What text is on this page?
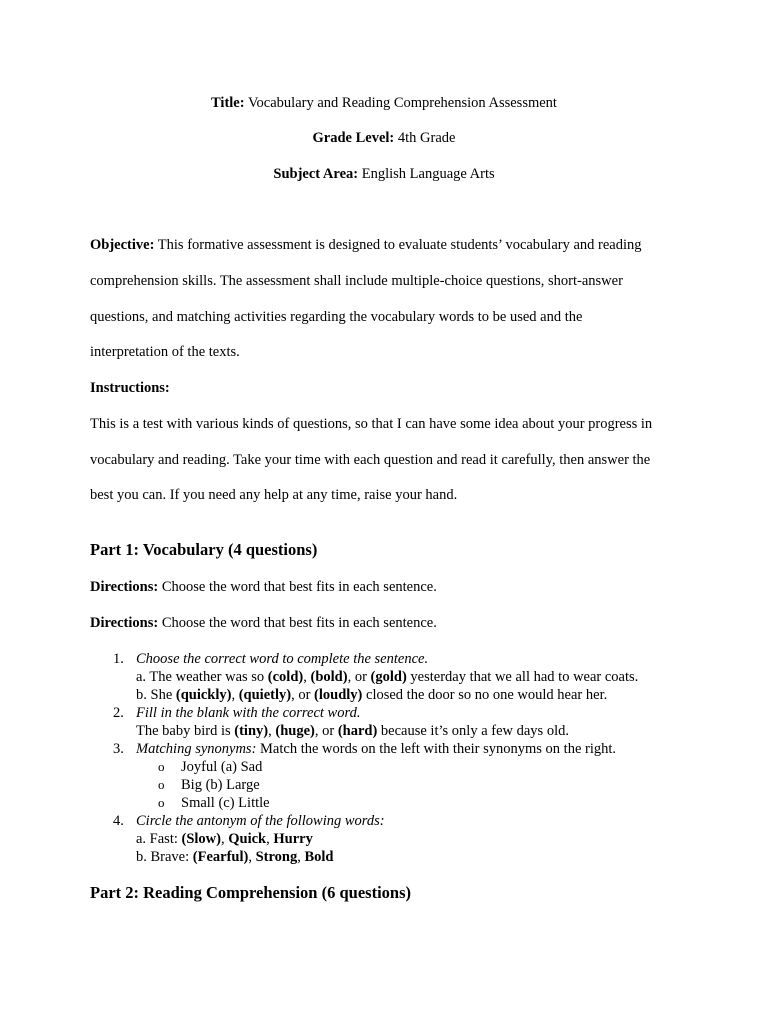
Title: Vocabulary and Reading Comprehension Assessment
Grade Level: 4th Grade
Subject Area: English Language Arts
Objective: This formative assessment is designed to evaluate students’ vocabulary and reading
comprehension skills. The assessment shall include multiple-choice questions, short-answer
questions, and matching activities regarding the vocabulary words to be used and the
interpretation of the texts.
Instructions:
This is a test with various kinds of questions, so that I can have some idea about your progress in
vocabulary and reading. Take your time with each question and read it carefully, then answer the
best you can. If you need any help at any time, raise your hand.
Part 1: Vocabulary (4 questions)
Directions: Choose the word that best fits in each sentence.
Directions: Choose the word that best fits in each sentence.
1. Choose the correct word to complete the sentence.
a. The weather was so (cold), (bold), or (gold) yesterday that we all had to wear coats.
b. She (quickly), (quietly), or (loudly) closed the door so no one would hear her.
2. Fill in the blank with the correct word.
The baby bird is (tiny), (huge), or (hard) because it’s only a few days old.
3. Matching synonyms: Match the words on the left with their synonyms on the right.
o Joyful (a) Sad
o Big (b) Large
o Small (c) Little
4. Circle the antonym of the following words:
a. Fast: (Slow), Quick, Hurry
b. Brave: (Fearful), Strong, Bold
Part 2: Reading Comprehension (6 questions)
